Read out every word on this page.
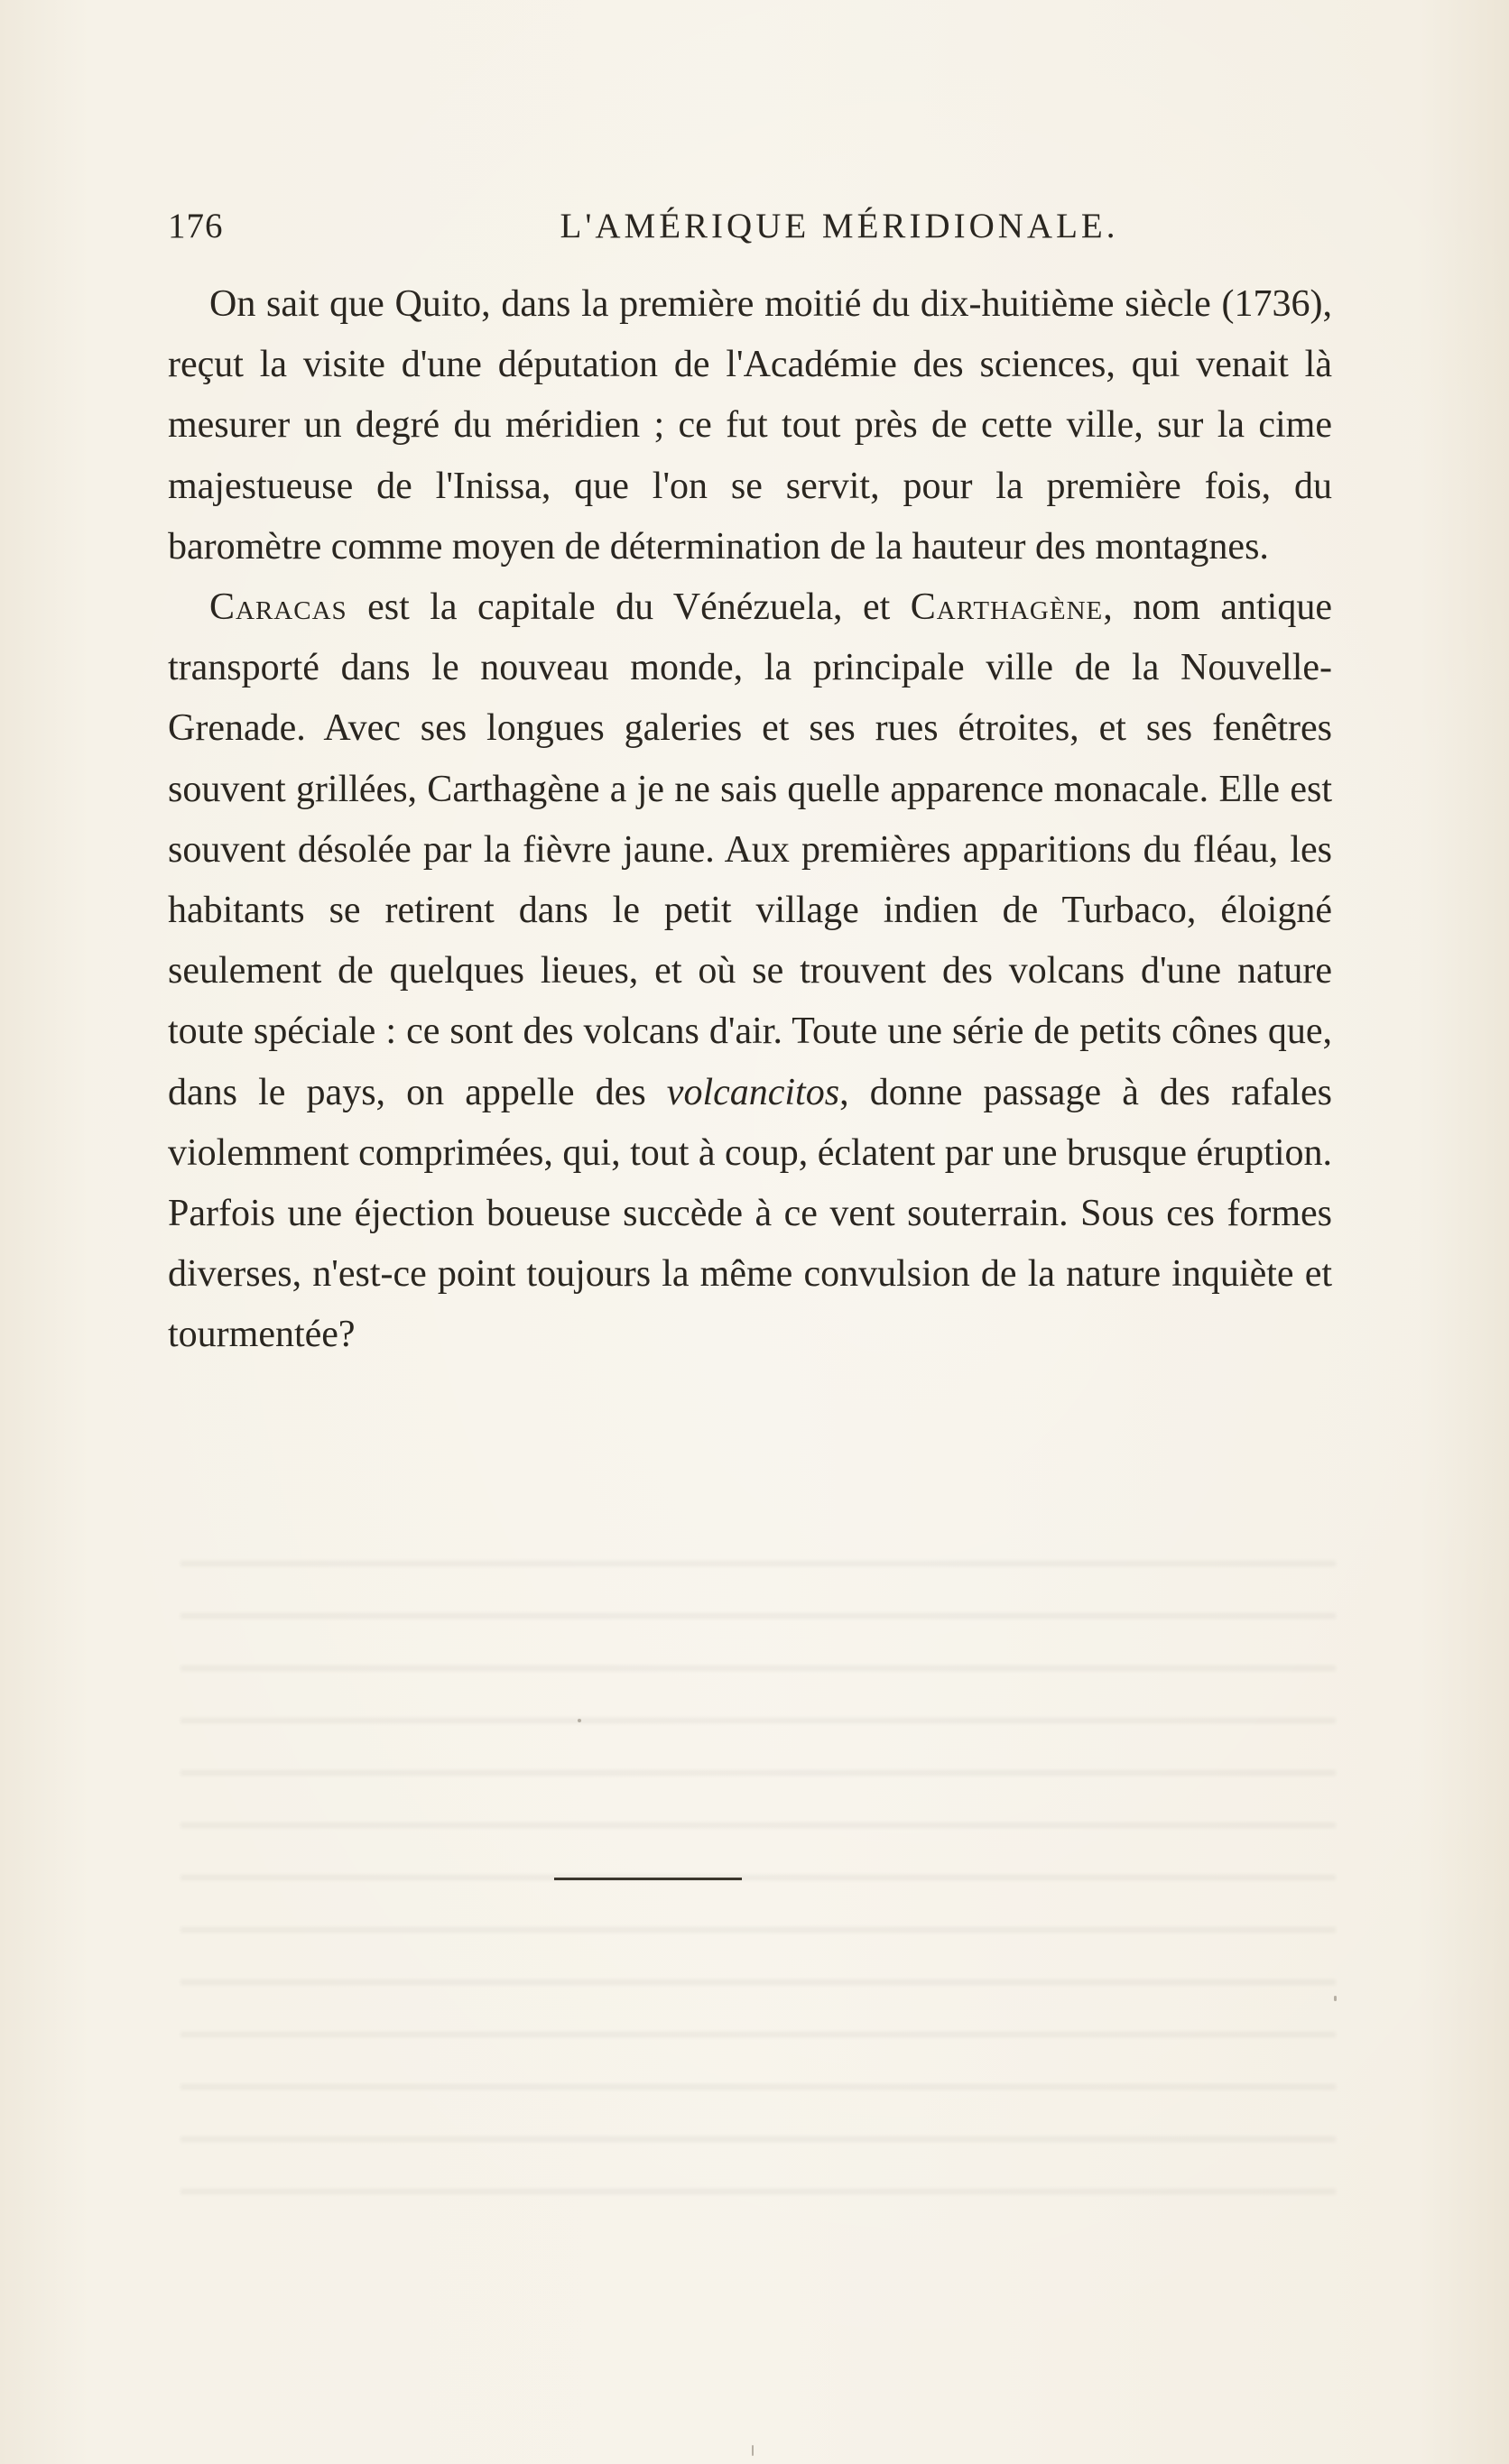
176	L'AMÉRIQUE MÉRIDIONALE.

On sait que Quito, dans la première moitié du dix-huitième siècle (1736), reçut la visite d'une députation de l'Académie des sciences, qui venait là mesurer un degré du méridien ; ce fut tout près de cette ville, sur la cime majestueuse de l'Inissa, que l'on se servit, pour la première fois, du baromètre comme moyen de détermination de la hauteur des montagnes.

Caracas est la capitale du Vénézuela, et Carthagène, nom antique transporté dans le nouveau monde, la principale ville de la Nouvelle-Grenade. Avec ses longues galeries et ses rues étroites, et ses fenêtres souvent grillées, Carthagène a je ne sais quelle apparence monacale. Elle est souvent désolée par la fièvre jaune. Aux premières apparitions du fléau, les habitants se retirent dans le petit village indien de Turbaco, éloigné seulement de quelques lieues, et où se trouvent des volcans d'une nature toute spéciale : ce sont des volcans d'air. Toute une série de petits cônes que, dans le pays, on appelle des volcancitos, donne passage à des rafales violemment comprimées, qui, tout à coup, éclatent par une brusque éruption. Parfois une éjection boueuse succède à ce vent souterrain. Sous ces formes diverses, n'est-ce point toujours la même convulsion de la nature inquiète et tourmentée?
